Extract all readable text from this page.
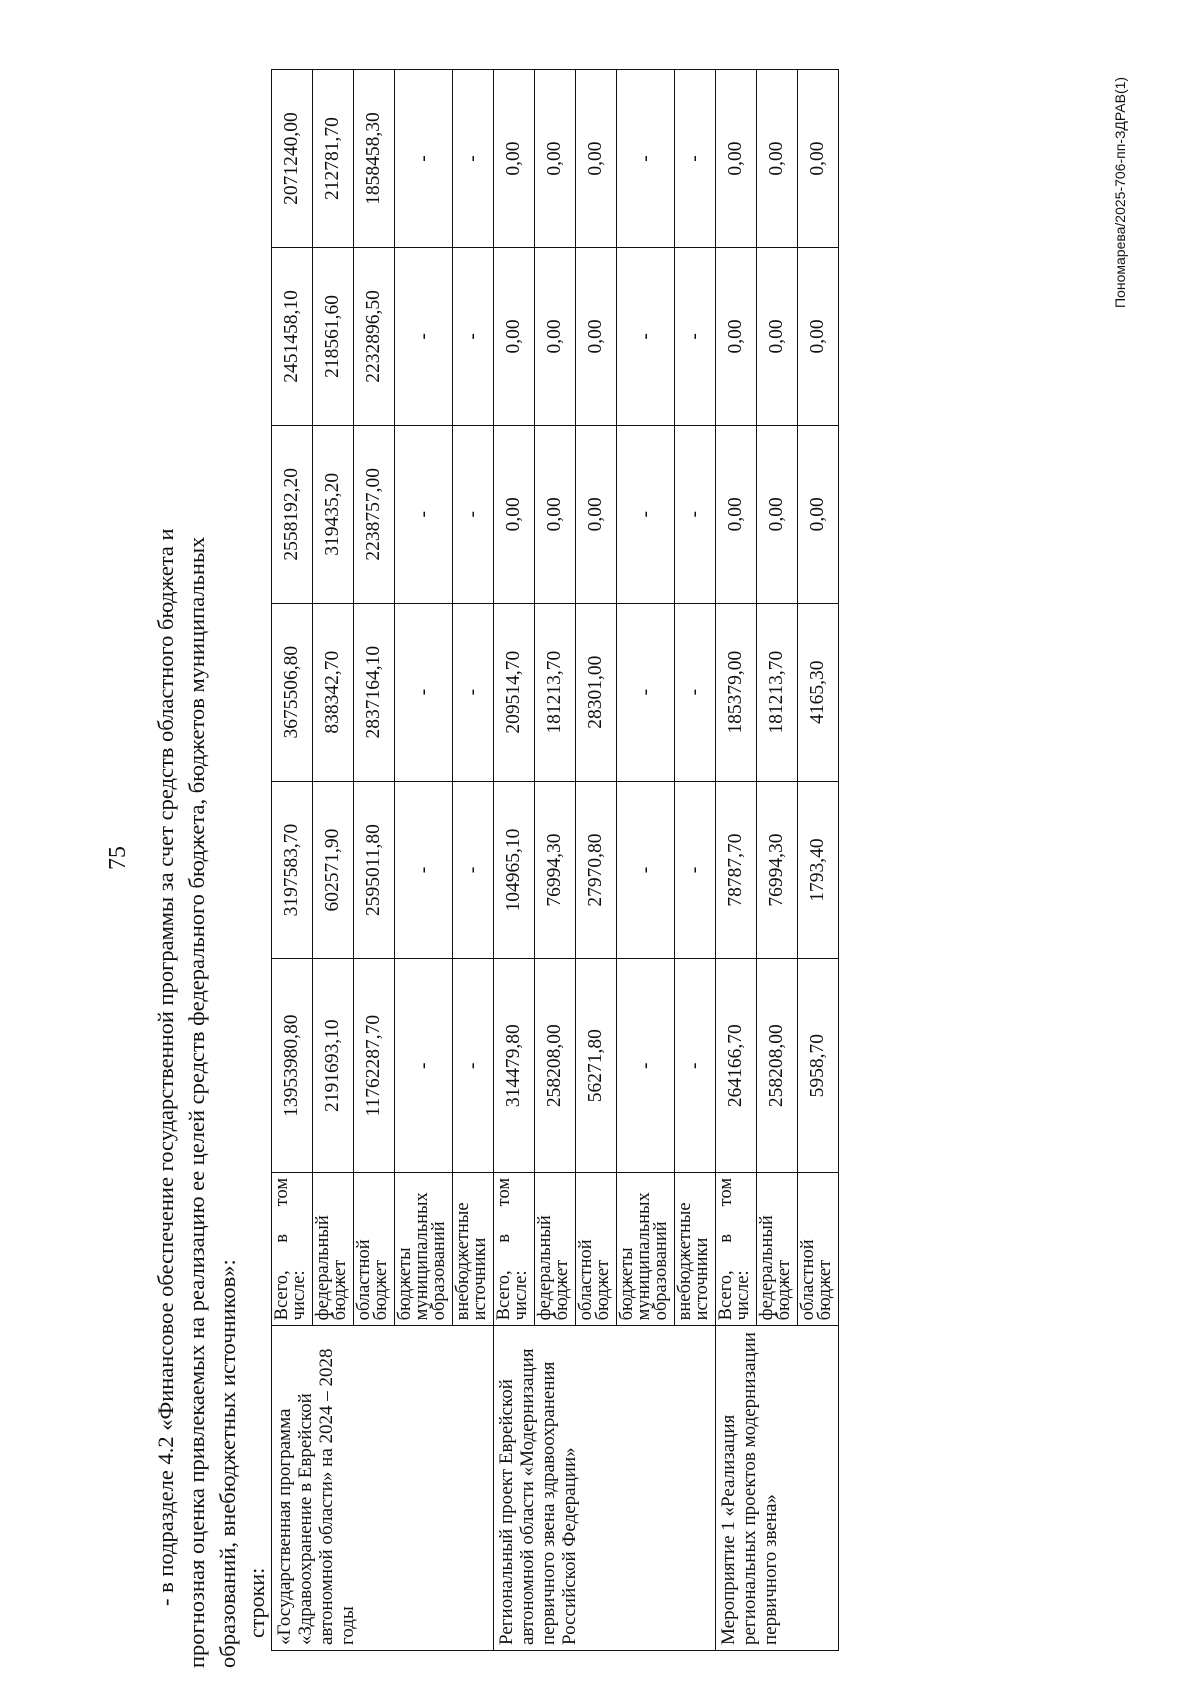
75 - в подразделе 4.2 «Финансовое обеспечение государственной программы за счет средств областного бюджета и прогнозная оценка привлекаемых на реализацию ее целей средств федерального бюджета, бюджетов муниципальных образований, внебюджетных источников»: строки: «Государственная программа «Здравоохранение в Еврейской автономной области» на 2024 – 2028 годы	Всего,
в
том
числе:	13953980,80	3197583,70	3675506,80	2558192,20	2451458,10	2071240,00
	федеральный бюджет	2191693,10	602571,90	838342,70	319435,20	218561,60	212781,70
	областной бюджет	11762287,70	2595011,80	2837164,10	2238757,00	2232896,50	1858458,30
	бюджеты муниципальных образований	-	-	-	-	-	-
	внебюджетные источники	-	-	-	-	-	-
Региональный проект Еврейской автономной области «Модернизация первичного звена здравоохранения Российской Федерации»	Всего,
в
том
числе:	314479,80	104965,10	209514,70	0,00	0,00	0,00
	федеральный бюджет	258208,00	76994,30	181213,70	0,00	0,00	0,00
	областной бюджет	56271,80	27970,80	28301,00	0,00	0,00	0,00
	бюджеты муниципальных образований	-	-	-	-	-	-
	внебюджетные источники	-	-	-	-	-	-
Мероприятие 1 «Реализация региональных проектов модернизации первичного звена»	Всего,
в
том
числе:	264166,70	78787,70	185379,00	0,00	0,00	0,00
	федеральный бюджет	258208,00	76994,30	181213,70	0,00	0,00	0,00
	областной бюджет	5958,70	1793,40	4165,30	0,00	0,00	0,00	Пономарева/2025-706-пп-ЗДРАВ(1)
